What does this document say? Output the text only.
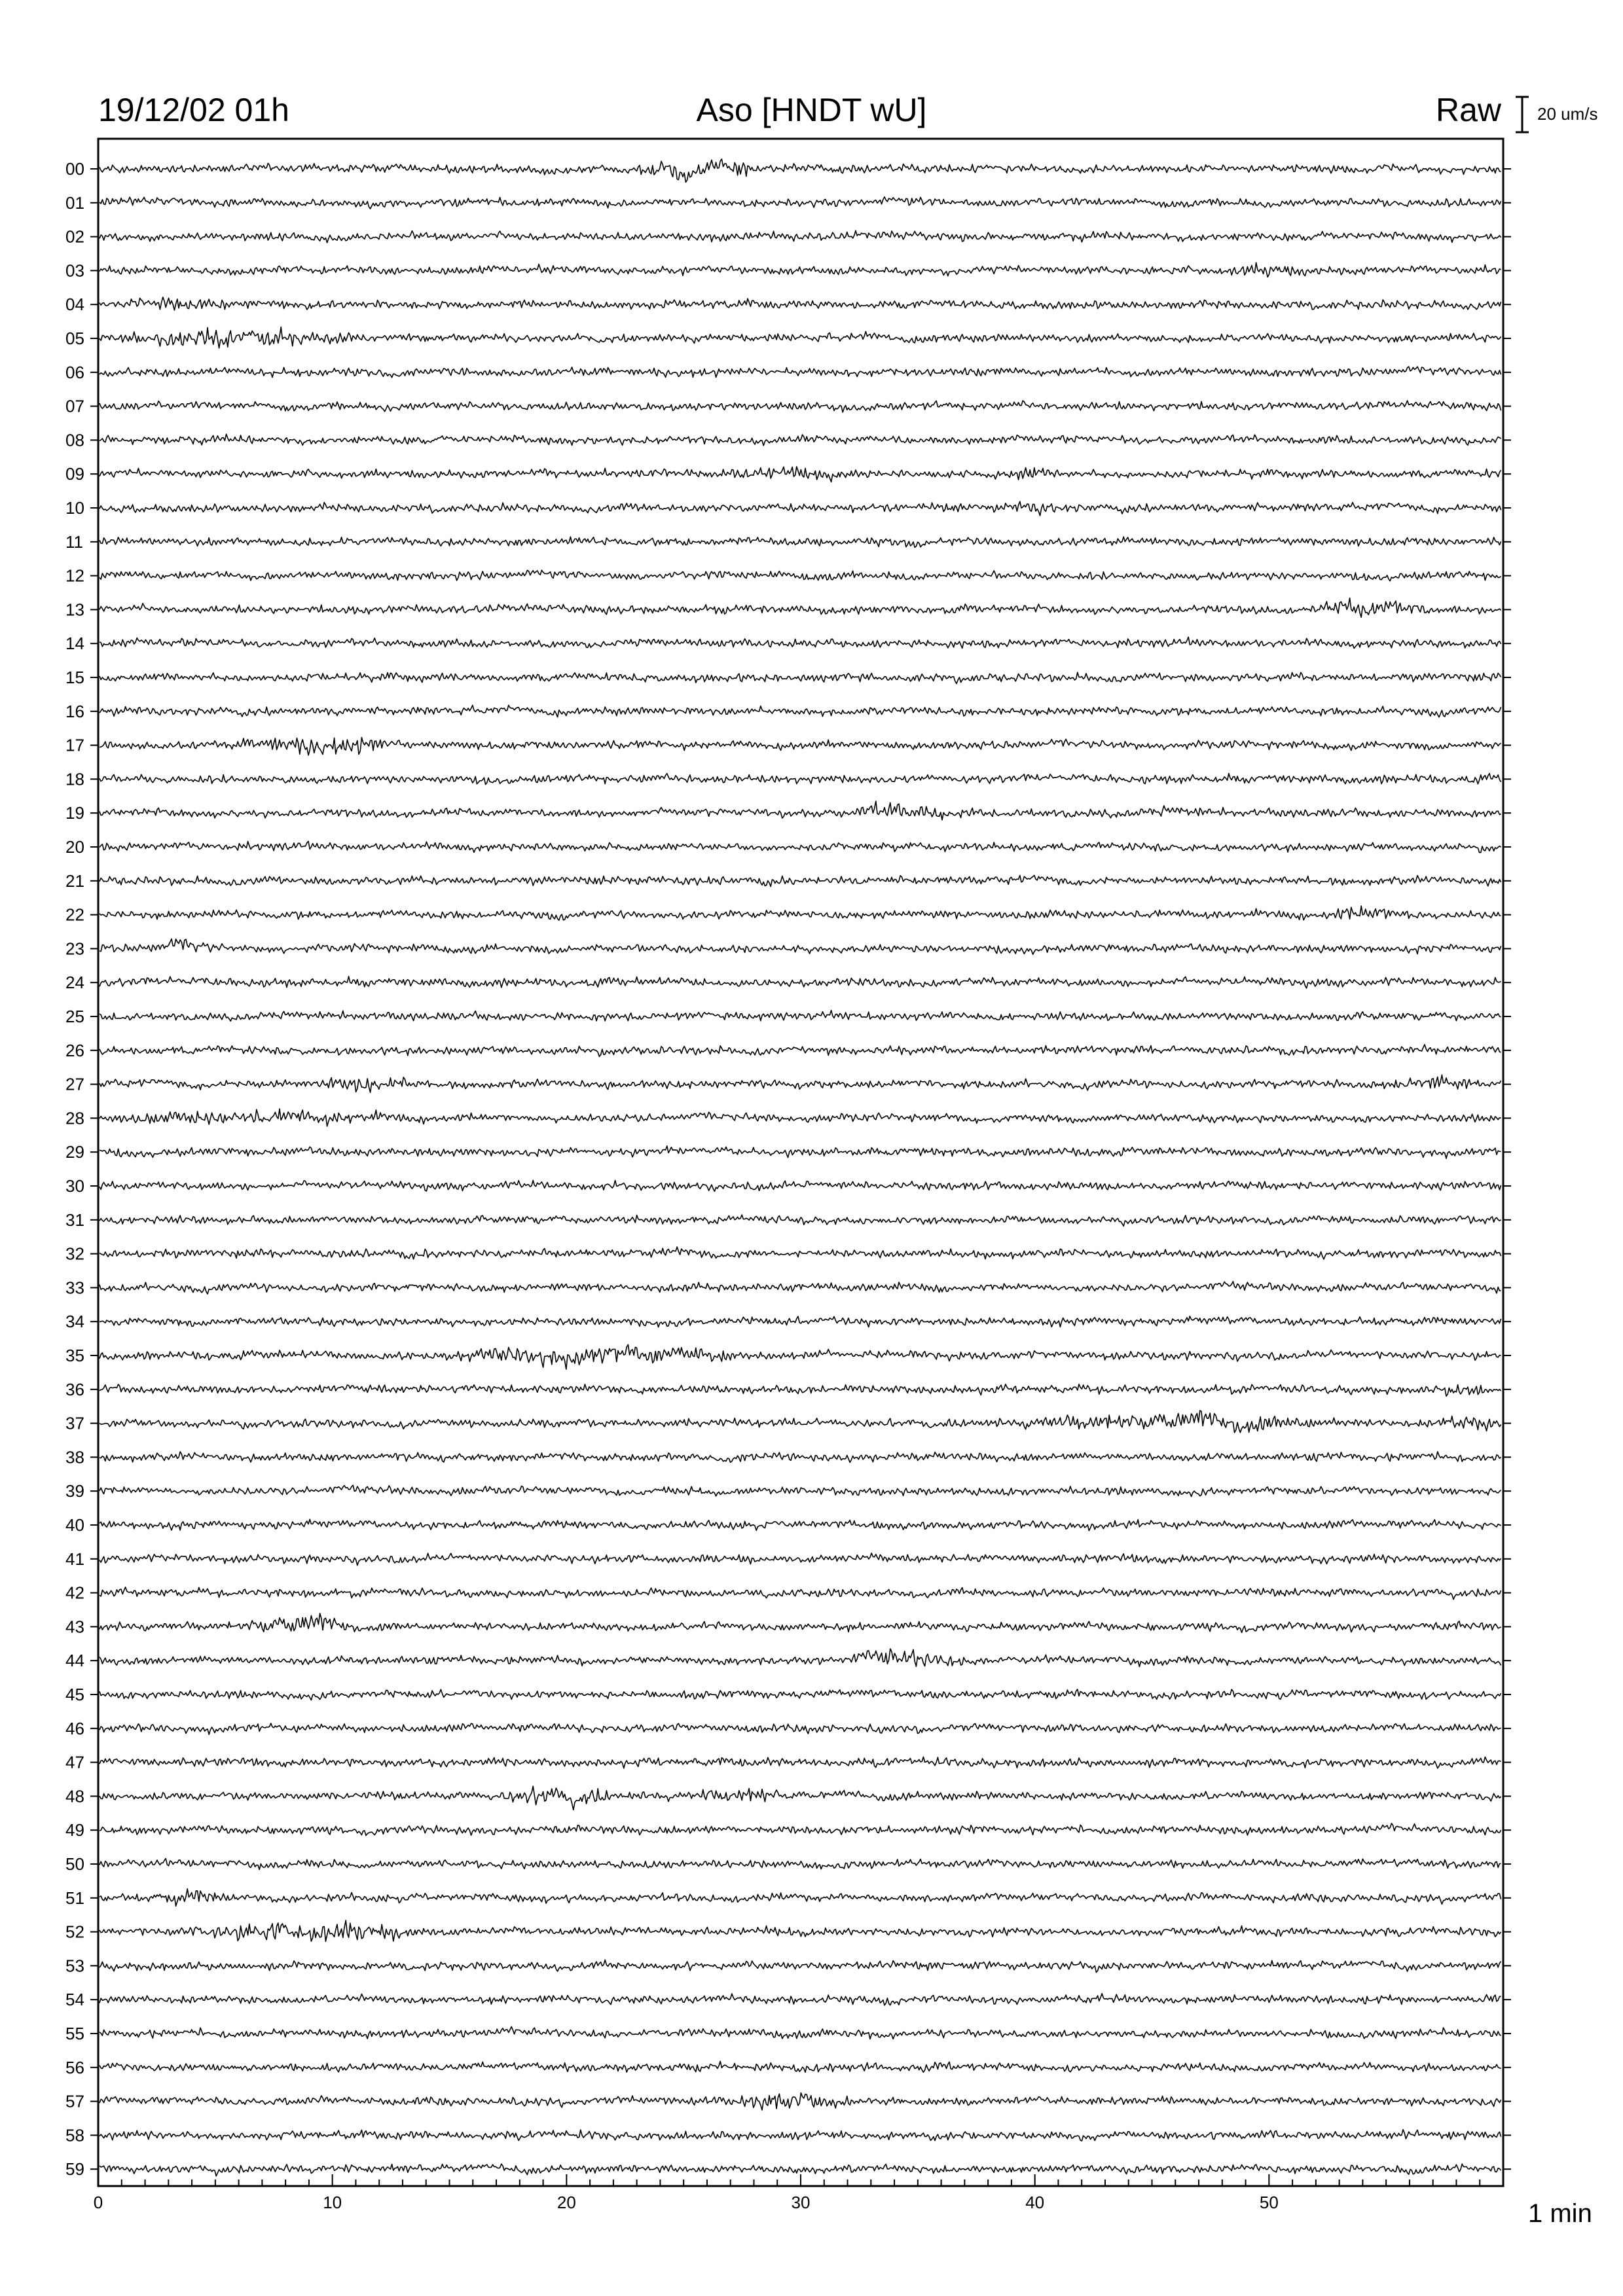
19/12/02 01h	Aso [HNDT wU]	Raw 20 um/s
1 min
00
01
02
03
04
05
06
07
08
09
10
11
12
13
14
15
16
17
18
19
20
21
22
23
24
25
26
27
28
29
30
31
32
33
34
35
36
37
38
39
40
41
42
43
44
45
46
47
48
49
50
51
52
53
54
55
56
57
58
59
0	10	20	30	40	50
